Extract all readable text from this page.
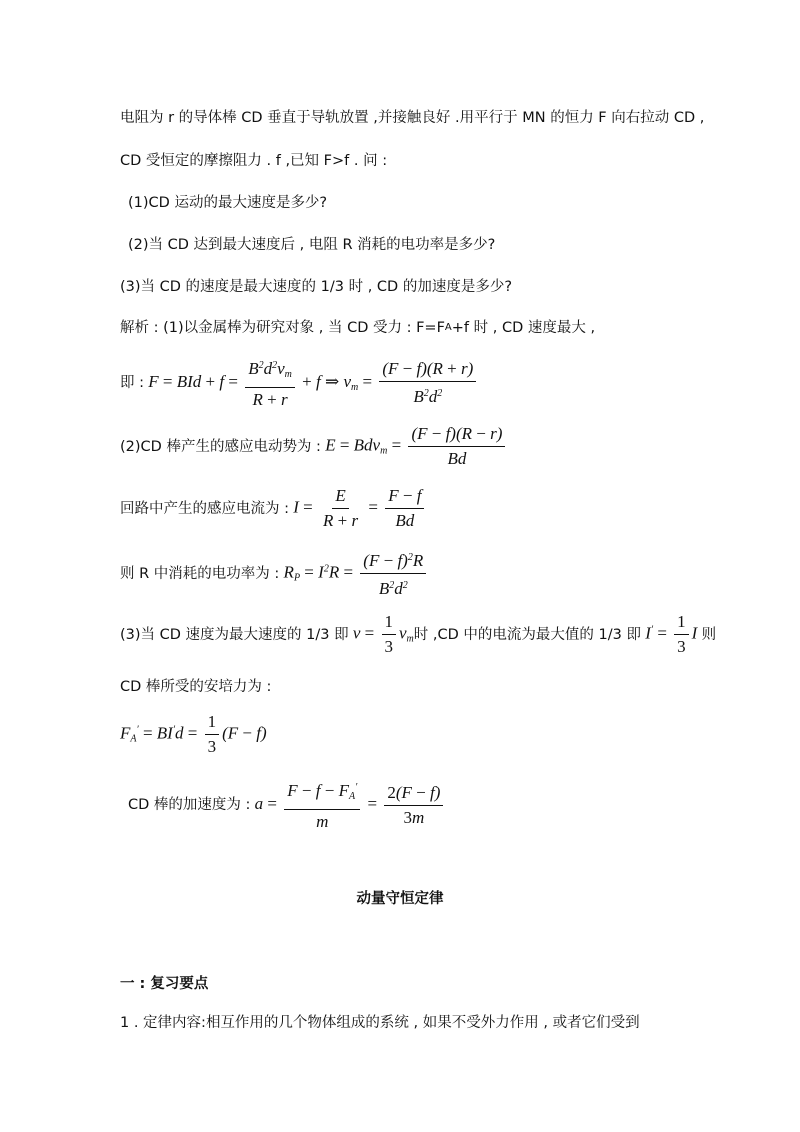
电阻为 r 的导体棒 CD 垂直于导轨放置 ,并接触良好 .用平行于 MN 的恒力 F 向右拉动 CD ,
CD 受恒定的摩擦阻力 . f ,已知 F>f . 问 :
(1)CD 运动的最大速度是多少?
(2)当 CD 达到最大速度后 , 电阻 R 消耗的电功率是多少?
(3)当 CD 的速度是最大速度的 1/3 时 , CD 的加速度是多少?
解析 : (1)以金属棒为研究对象 , 当 CD 受力 : F=F A +f 时 , CD 速度最大 ,
即 : F = BId + $f = \frac{B^2d^2v_m}{R + r} + f$ ⇒ $v_m = \frac{(F - f)(R + r)}{B^2d^2}$
(2)CD 棒产生的感应电动势为 : $E = Bdv_m = \frac{(F - f)(R - r)}{Bd}$
回路中产生的感应电流为 : $I = \frac{E}{R + r} = \frac{F - f}{Bd}$
则 R 中消耗的电功率为 : $R_P = I^2R = \frac{(F - f)^2R}{B^2d^2}$
(3)当 CD 速度为最大速度的 1/3 即 $v = \frac{1}{3} v_m$ 时 ,CD 中的电流为最大值的 1/3 即 $I' = \frac{1}{3}$ I 则
CD 棒所受的安培力为 :
$F_A' = BI'd = \frac{1}{3} (F - f)$
CD 棒的加速度为 : $a = \frac{F - f - F_A'}{m} = \frac{2(F - f)}{3m}$
动量守恒定律
一 : 复习要点
1 . 定律内容:相互作用的几个物体组成的系统 , 如果不受外力作用 , 或者它们受到
